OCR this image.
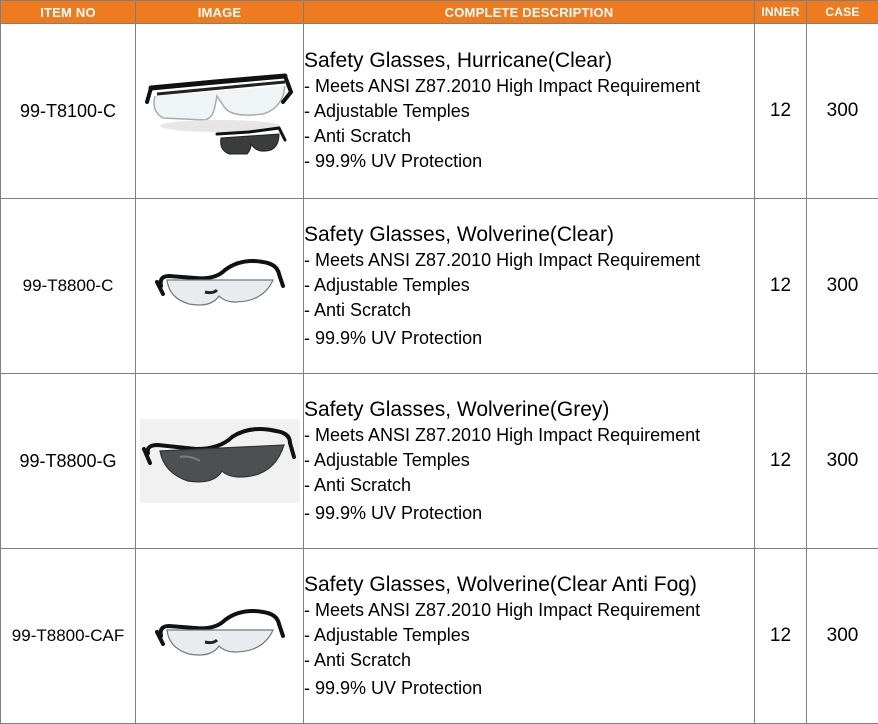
ITEM NO	IMAGE	COMPLETE DESCRIPTION	INNER	CASE
99-T8100-C		Safety Glasses, Hurricane(Clear)
- Meets ANSI Z87.2010 High Impact Requirement
- Adjustable Temples
- Anti Scratch
- 99.9% UV Protection	12	300
99-T8800-C		Safety Glasses, Wolverine(Clear)
- Meets ANSI Z87.2010 High Impact Requirement
- Adjustable Temples
- Anti Scratch
- 99.9% UV Protection	12	300
99-T8800-G		Safety Glasses, Wolverine(Grey)
- Meets ANSI Z87.2010 High Impact Requirement
- Adjustable Temples
- Anti Scratch
- 99.9% UV Protection	12	300
99-T8800-CAF		Safety Glasses, Wolverine(Clear Anti Fog)
- Meets ANSI Z87.2010 High Impact Requirement
- Adjustable Temples
- Anti Scratch
- 99.9% UV Protection	12	300
